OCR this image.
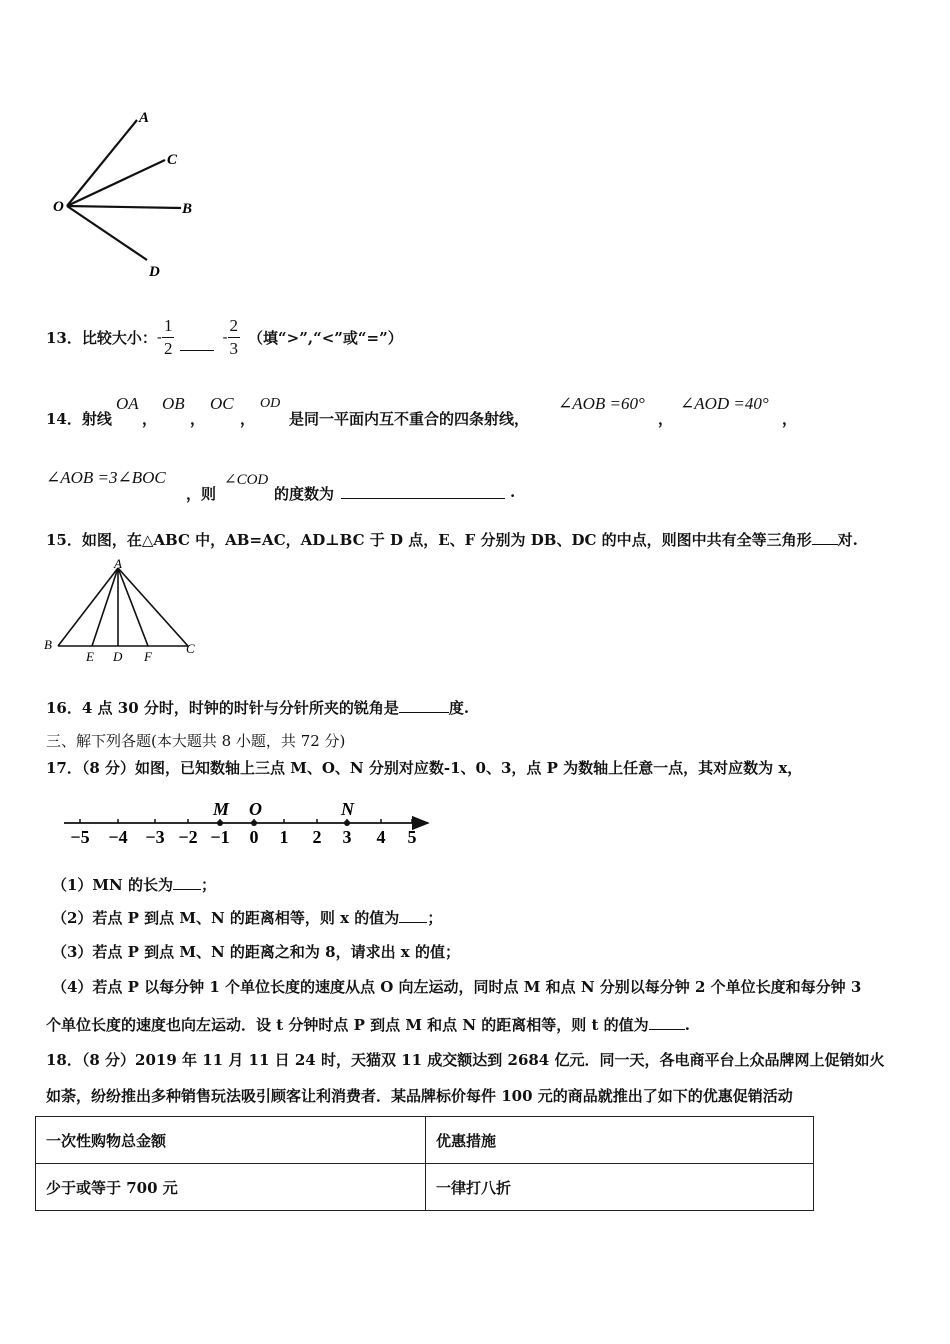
A
C
B
D
O
13．比较大小： - $\frac{1}{2}$	- $\frac{2}{3}$ （填“>”,“<”或“=”）
14．射线
OA
，
OB
，
OC
，
OD
是同一平面内互不重合的四条射线，
∠AOB =60°
，
∠AOD =40°
，
∠AOB =3∠BOC
，则
∠COD
的度数为	.
15．如图，在△ABC 中，AB=AC，AD⊥BC 于 D 点，E、F 分别为 DB、DC 的中点，则图中共有全等三角形 对.
A
B	C
E D F
16．4 点 30 分时，时钟的时针与分针所夹的锐角是	度.
三、解下列各题(本大题共 8 小题，共 72 分)
17．（8 分）如图，已知数轴上三点 M、O、N 分别对应数-1、0、3，点 P 为数轴上任意一点，其对应数为 x，
−5 −4 −3 −2 −1 0 1 2 3 4 5
M O	N
（1）MN 的长为 ；
（2）若点 P 到点 M、N 的距离相等，则 x 的值为 ；
（3）若点 P 到点 M、N 的距离之和为 8，请求出 x 的值；
（4）若点 P 以每分钟 1 个单位长度的速度从点 O 向左运动，同时点 M 和点 N 分别以每分钟 2 个单位长度和每分钟 3
个单位长度的速度也向左运动．设 t 分钟时点 P 到点 M 和点 N 的距离相等，则 t 的值为 .
18．（8 分）2019 年 11 月 11 日 24 时，天猫双 11 成交额达到 2684 亿元．同一天，各电商平台上众品牌网上促销如火
如荼，纷纷推出多种销售玩法吸引顾客让利消费者．某品牌标价每件 100 元的商品就推出了如下的优惠促销活动
一次性购物总金额	优惠措施
少于或等于 700 元	一律打八折
